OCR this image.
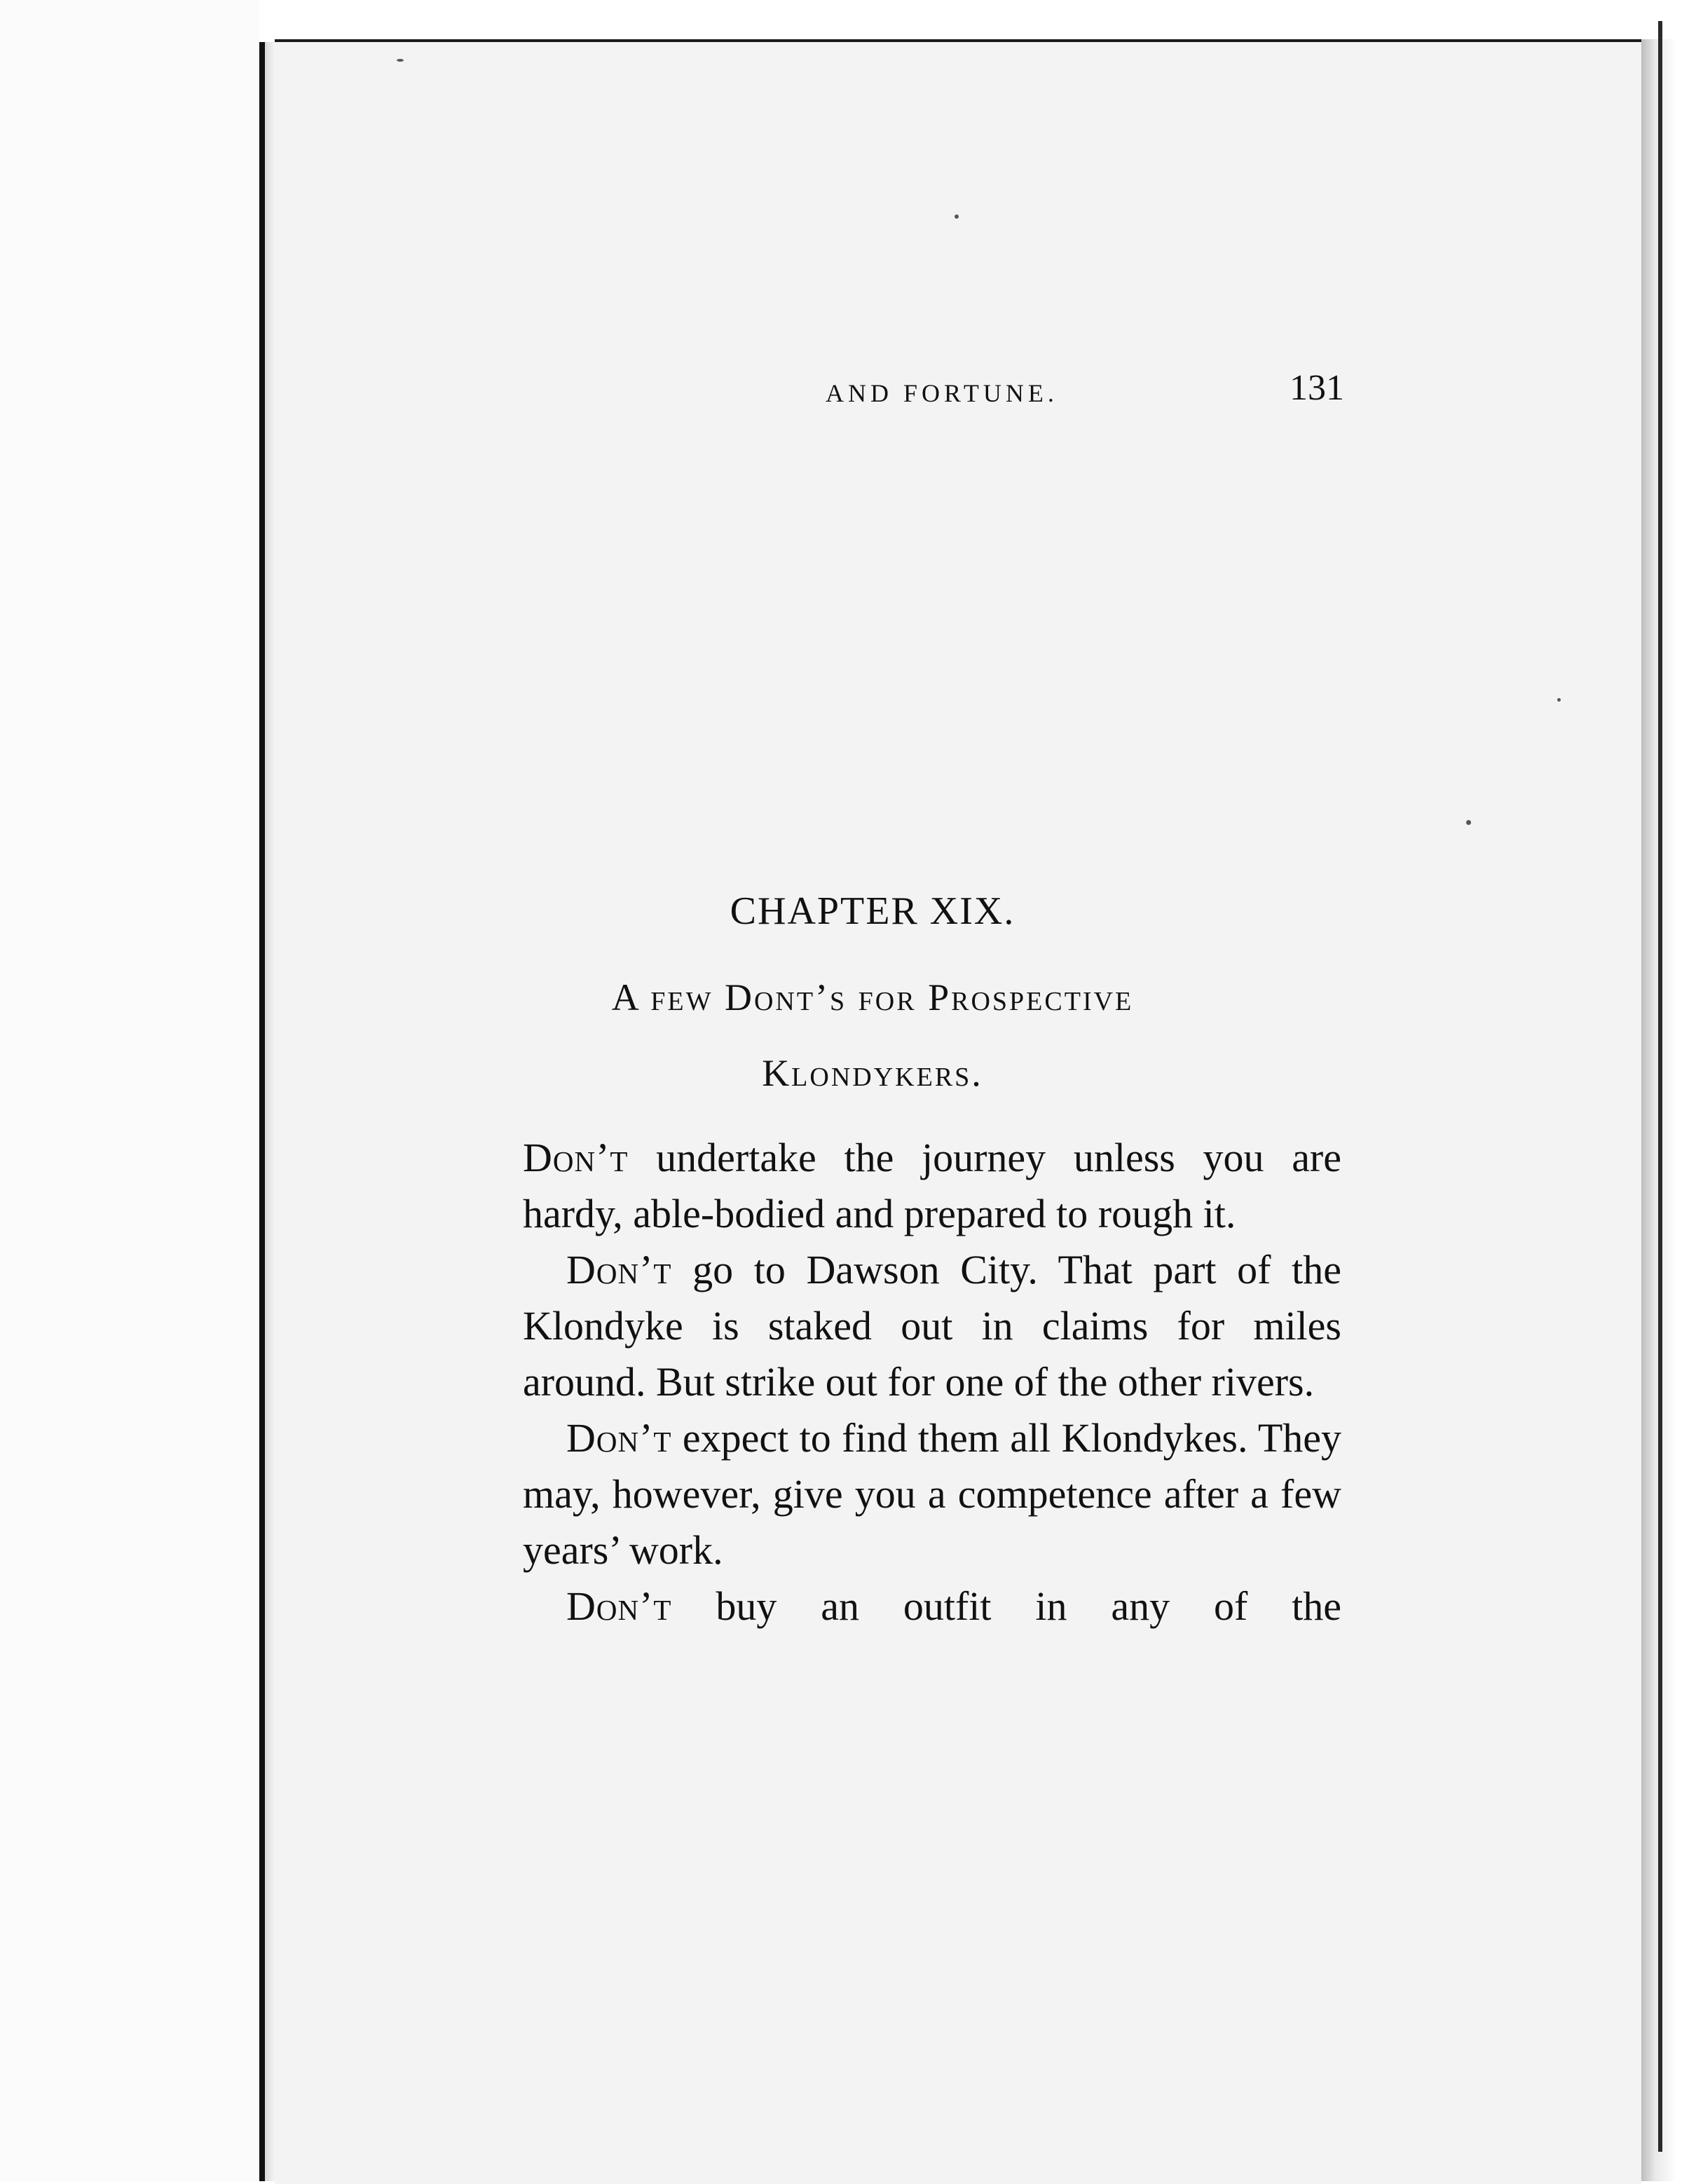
AND FORTUNE.	131
CHAPTER XIX.
A few Dont’s for Prospective
Klondykers.

Don’t undertake the journey unless you are hardy, able-bodied and prepared to rough it.

Don’t go to Dawson City. That part of the Klondyke is staked out in claims for miles around. But strike out for one of the other rivers.

Don’t expect to find them all Klondykes. They may, however, give you a competence after a few years’ work.

Don’t buy an outfit in any of the
